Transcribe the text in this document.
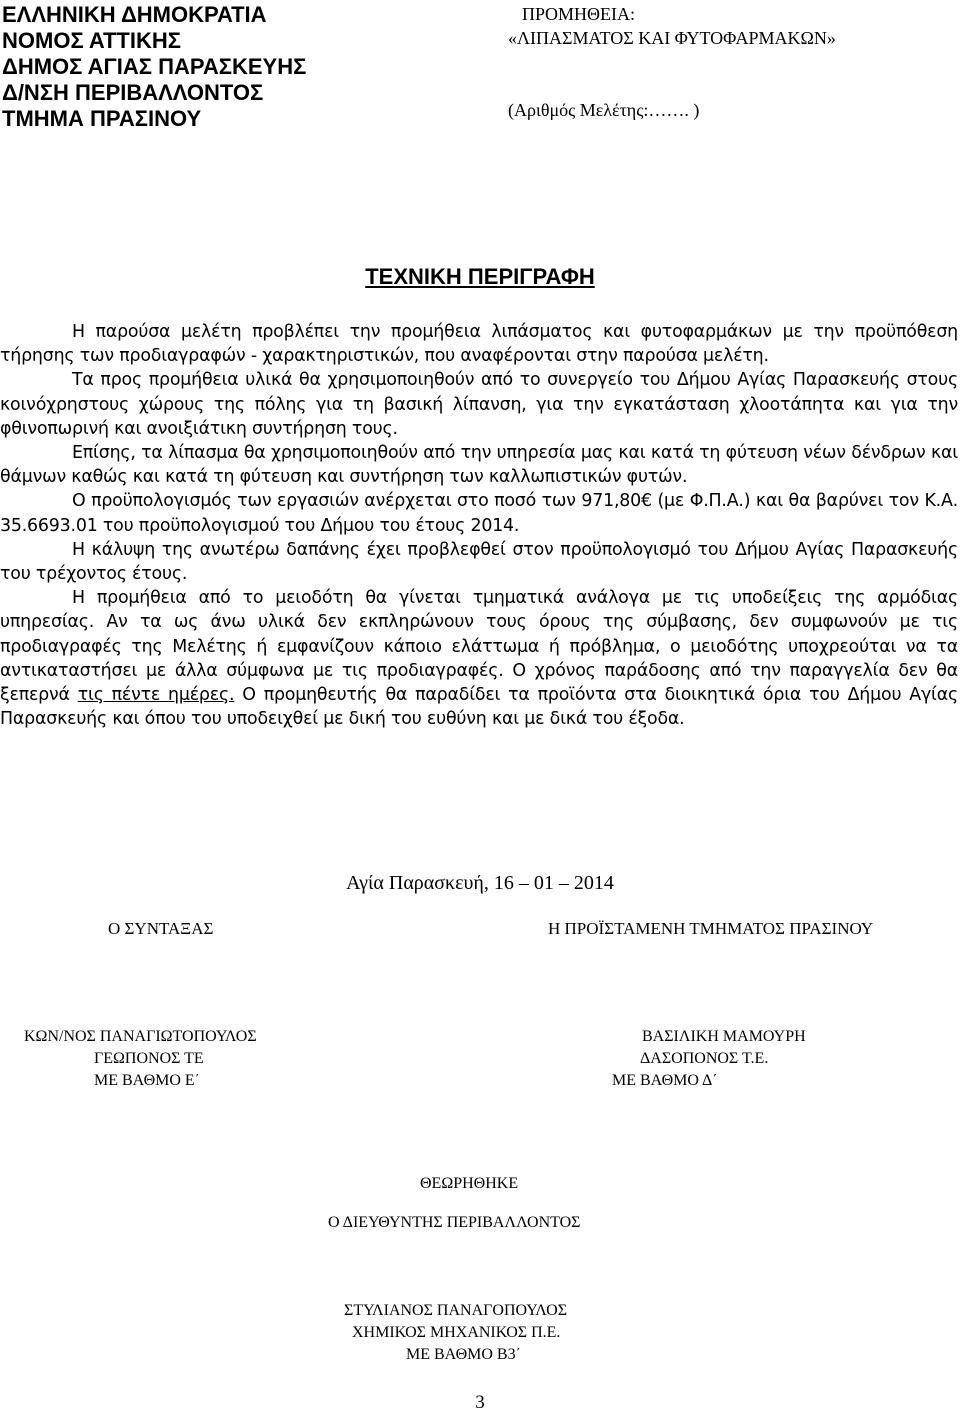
ΕΛΛΗΝΙΚΗ ΔΗΜΟΚΡΑΤΙΑ
ΝΟΜΟΣ ΑΤΤΙΚΗΣ
ΔΗΜΟΣ ΑΓΙΑΣ ΠΑΡΑΣΚΕΥΗΣ
Δ/ΝΣΗ ΠΕΡΙΒΑΛΛΟΝΤΟΣ
ΤΜΗΜΑ ΠΡΑΣΙΝΟΥ
ΠΡΟΜΗΘΕΙΑ:
«ΛΙΠΑΣΜΑΤΟΣ ΚΑΙ ΦΥΤΟΦΑΡΜΑΚΩΝ»
(Αριθμός Μελέτης:……. )
ΤΕΧΝΙΚΗ ΠΕΡΙΓΡΑΦΗ

Η παρούσα μελέτη προβλέπει την προμήθεια λιπάσματος και φυτοφαρμάκων με την προϋπόθεση τήρησης των προδιαγραφών - χαρακτηριστικών, που αναφέρονται στην παρούσα μελέτη.

Τα προς προμήθεια υλικά θα χρησιμοποιηθούν από το συνεργείο του Δήμου Αγίας Παρασκευής στους κοινόχρηστους χώρους της πόλης για τη βασική λίπανση, για την εγκατάσταση χλοοτάπητα και για την φθινοπωρινή και ανοιξιάτικη συντήρηση τους.

Επίσης, τα λίπασμα θα χρησιμοποιηθούν από την υπηρεσία μας και κατά τη φύτευση νέων δένδρων και θάμνων καθώς και κατά τη φύτευση και συντήρηση των καλλωπιστικών φυτών.

Ο προϋπολογισμός των εργασιών ανέρχεται στο ποσό των 971,80€ (με Φ.Π.Α.) και θα βαρύνει τον Κ.Α. 35.6693.01 του προϋπολογισμού του Δήμου του έτους 2014.

Η κάλυψη της ανωτέρω δαπάνης έχει προβλεφθεί στον προϋπολογισμό του Δήμου Αγίας Παρασκευής του τρέχοντος έτους.

Η προμήθεια από το μειοδότη θα γίνεται τμηματικά ανάλογα με τις υποδείξεις της αρμόδιας υπηρεσίας. Αν τα ως άνω υλικά δεν εκπληρώνουν τους όρους της σύμβασης, δεν συμφωνούν με τις προδιαγραφές της Μελέτης ή εμφανίζουν κάποιο ελάττωμα ή πρόβλημα, ο μειοδότης υποχρεούται να τα αντικαταστήσει με άλλα σύμφωνα με τις προδιαγραφές. Ο χρόνος παράδοσης από την παραγγελία δεν θα ξεπερνά τις πέντε ημέρες. Ο προμηθευτής θα παραδίδει τα προϊόντα στα διοικητικά όρια του Δήμου Αγίας Παρασκευής και όπου του υποδειχθεί με δική του ευθύνη και με δικά του έξοδα.

Αγία Παρασκευή, 16 – 01 – 2014
Ο ΣΥΝΤΑΞΑΣ	Η ΠΡΟΪΣΤΑΜΕΝΗ ΤΜΗΜΑΤΟΣ ΠΡΑΣΙΝΟΥ
ΚΩΝ/ΝΟΣ ΠΑΝΑΓΙΩΤΟΠΟΥΛΟΣ
ΓΕΩΠΟΝΟΣ ΤΕ
ΜΕ ΒΑΘΜΟ Ε΄
ΒΑΣΙΛΙΚΗ ΜΑΜΟΥΡΗ
ΔΑΣΟΠΟΝΟΣ Τ.Ε.
ΜΕ ΒΑΘΜΟ Δ΄
ΘΕΩΡΗΘΗΚΕ
Ο ΔΙΕΥΘΥΝΤΗΣ ΠΕΡΙΒΑΛΛΟΝΤΟΣ
ΣΤΥΛΙΑΝΟΣ ΠΑΝΑΓΟΠΟΥΛΟΣ
ΧΗΜΙΚΟΣ ΜΗΧΑΝΙΚΟΣ Π.Ε.
ΜΕ ΒΑΘΜΟ Β3΄
3
